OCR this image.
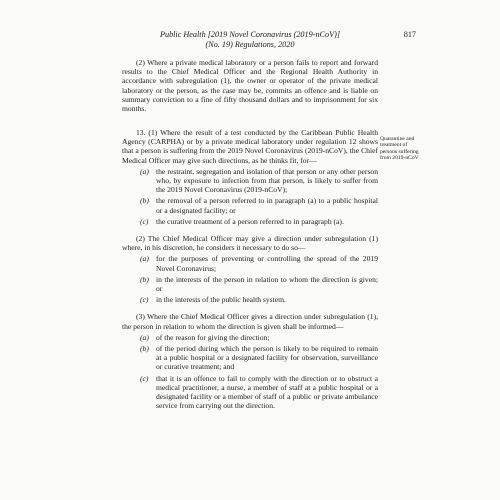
Public Health [2019 Novel Coronavirus (2019-nCoV)]
(No. 19) Regulations, 2020
817

(2) Where a private medical laboratory or a person fails to report and forward results to the Chief Medical Officer and the Regional Health Authority in accordance with subregulation (1), the owner or operator of the private medical laboratory or the person, as the case may be, commits an offence and is liable on summary conviction to a fine of fifty thousand dollars and to imprisonment for six months.

13. (1) Where the result of a test conducted by the Caribbean Public Health Agency (CARPHA) or by a private medical laboratory under regulation 12 shows that a person is suffering from the 2019 Novel Coronavirus (2019-nCoV), the Chief Medical Officer may give such directions, as he thinks fit, for—

(a) the restraint, segregation and isolation of that person or any other person who, by exposure to infection from that person, is likely to suffer from the 2019 Novel Coronavirus (2019-nCoV);
(b) the removal of a person referred to in paragraph (a) to a public hospital or a designated facility; or
(c) the curative treatment of a person referred to in paragraph (a).

(2) The Chief Medical Officer may give a direction under subregulation (1) where, in his discretion, he considers it necessary to do so—

(a) for the purposes of preventing or controlling the spread of the 2019 Novel Coronavirus;
(b) in the interests of the person in relation to whom the direction is given; or
(c) in the interests of the public health system.

(3) Where the Chief Medical Officer gives a direction under subregulation (1), the person in relation to whom the direction is given shall be informed—

(a) of the reason for giving the direction;
(b) of the period during which the person is likely to be required to remain at a public hospital or a designated facility for observation, surveillance or curative treatment; and
(c) that it is an offence to fail to comply with the direction or to obstruct a medical practitioner, a nurse, a member of staff at a public hospital or a designated facility or a member of staff of a public or private ambulance service from carrying out the direction.
Quarantine and treatment of persons suffering from 2019-nCoV
